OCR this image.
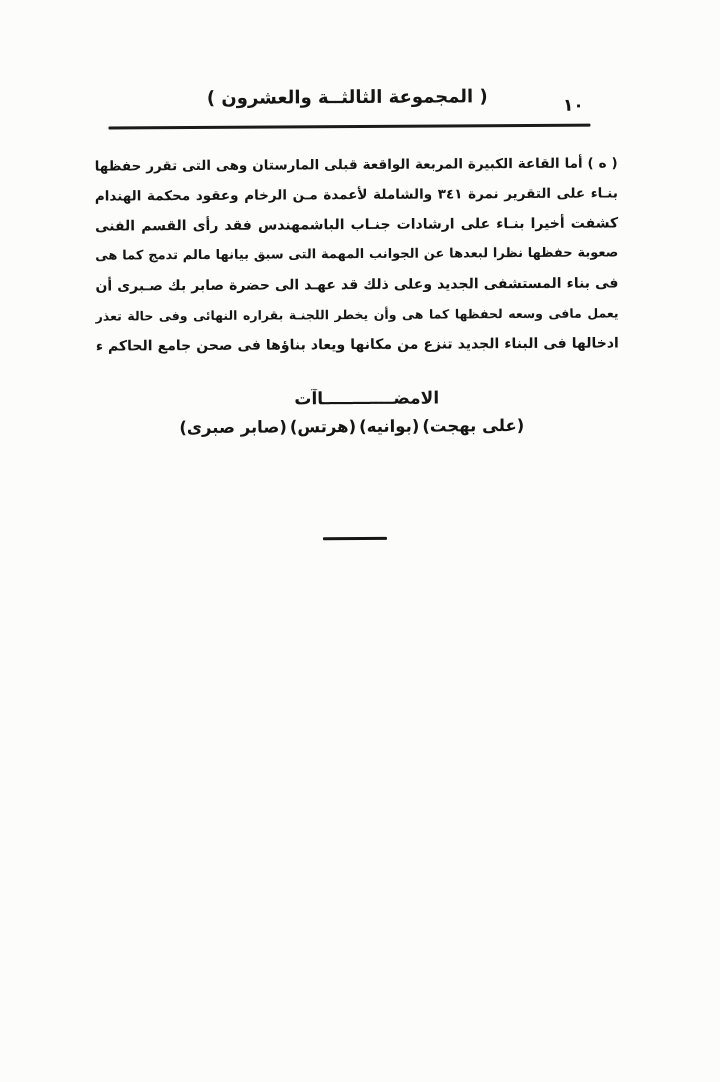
( المجموعة الثالثــة والعشرون )	١٠
( ه ) أما القاعة الكبيرة المربعة الواقعة قبلى المارستان وهى التى تقرر حفظها
بنـاء على التقرير نمرة ٣٤١ والشاملة لأعمدة مـن الرخام وعقود محكمة الهندام
كشفت أخيرا بنـاء على ارشادات جنـاب الباشمهندس فقد رأى القسم الفنى
صعوبة حفظها نظرا لبعدها عن الجوانب المهمة التى سبق بيانها مالم تدمج كما هى
فى بناء المستشفى الجديد وعلى ذلك قد عهـد الى حضرة صابر بك صـبرى أن
يعمل مافى وسعه لحفظها كما هى وأن يخطر اللجنـة بقراره النهائى وفى حالة تعذر
ادخالها فى البناء الجديد تنزع من مكانها ويعاد بناؤها فى صحن جامع الحاكم ء
الامضــــــــــــاآت
(على بهجت)
(بوانيه)
(هرتس)
(صابر صبرى)
